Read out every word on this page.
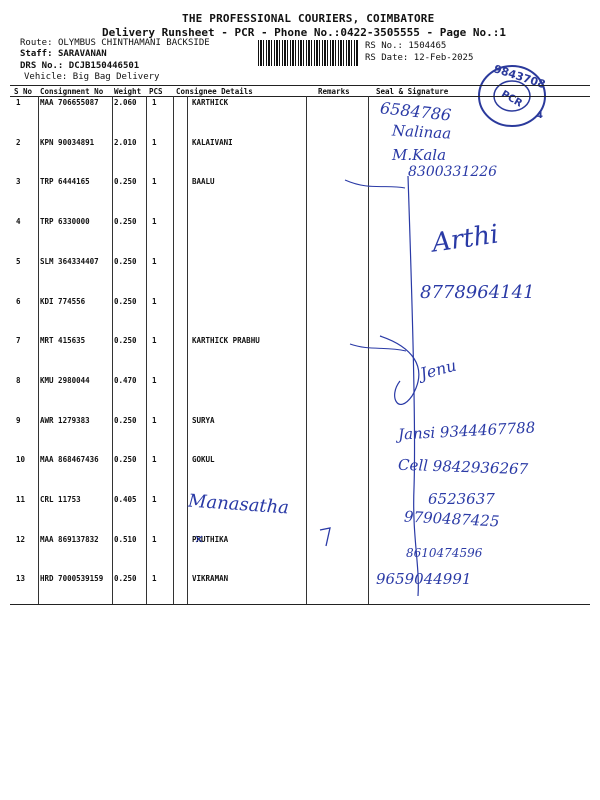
THE PROFESSIONAL COURIERS, COIMBATORE
Delivery Runsheet - PCR - Phone No.:0422-3505555 - Page No.:1
Route: OLYMBUS CHINTHAMANI BACKSIDE
Staff: SARAVANAN
DRS No.: DCJB150446501
Vehicle: Big Bag Delivery
RS No.: 1504465
RS Date: 12-Feb-2025
9843708
PCR
4
S No Consignment No Weight PCS Consignee Details	Remarks	Seal & Signature
1	MAA 706655087 2.060 1	KARTHICK
2	KPN 90034891	2.010 1	KALAIVANI
3	TRP 6444165	0.250 1	BAALU
4	TRP 6330000	0.250 1
5	SLM 364334407 0.250 1
6	KDI 774556	0.250 1
7	MRT 415635	0.250 1	KARTHICK PRABHU
8	KMU 2980044	0.470 1
9	AWR 1279383	0.250 1	SURYA
10 MAA 868467436 0.250 1	GOKUL
11 CRL 11753	0.405 1
12 MAA 869137832 0.510 1	PRUTHIKA
13 HRD 7000539159 0.250 1	VIKRAMAN
6584786
Nalinaa
M.Kala
8300331226
Arthi
8778964141
Jenu
Jansi 9344467788
Cell 9842936267
Manasatha	6523637
9790487425
8610474596
9659044991
